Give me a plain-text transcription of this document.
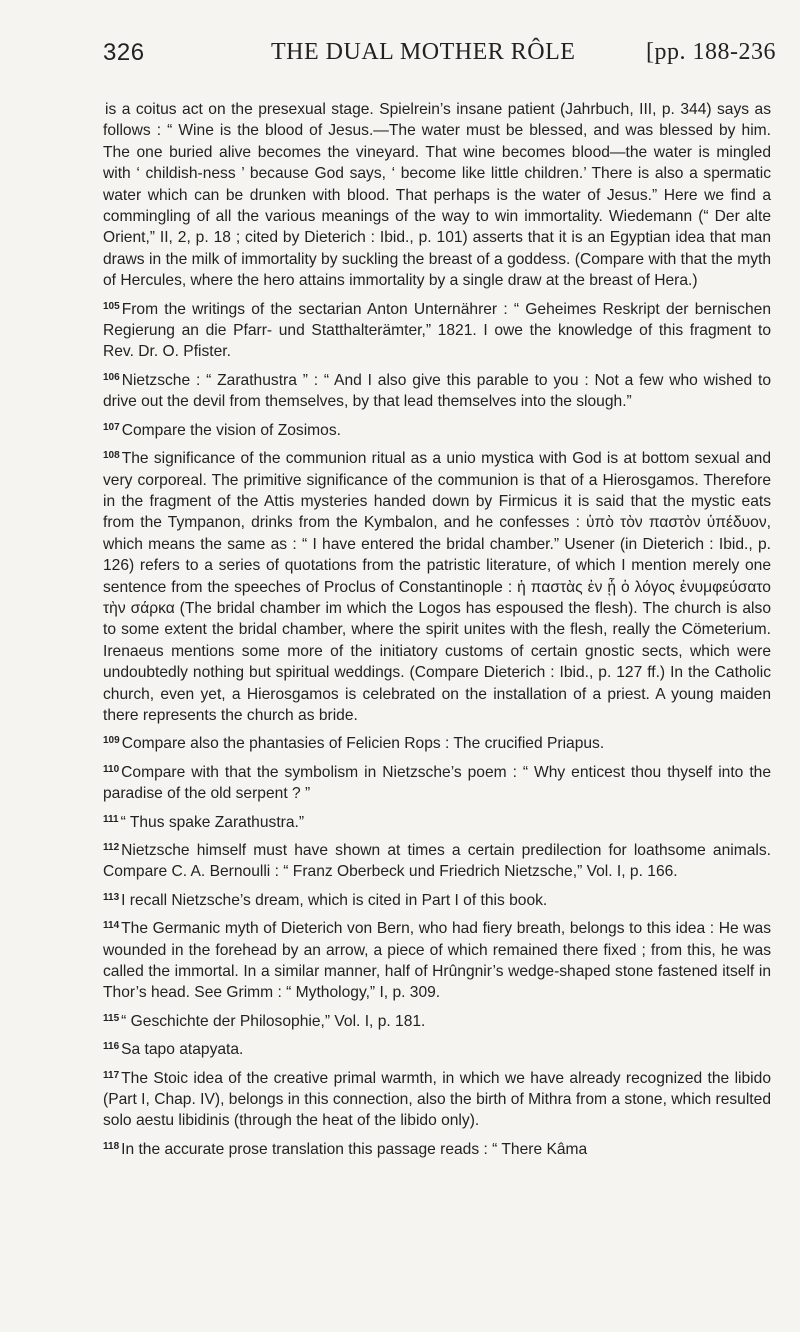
326	THE DUAL MOTHER RÔLE	[pp. 188-236

is a coitus act on the presexual stage. Spielrein’s insane patient (Jahrbuch, III, p. 344) says as follows : “ Wine is the blood of Jesus.—The water must be blessed, and was blessed by him. The one buried alive becomes the vineyard. That wine becomes blood—the water is mingled with ‘ childish-ness ’ because God says, ‘ become like little children.’ There is also a spermatic water which can be drunken with blood. That perhaps is the water of Jesus.” Here we find a commingling of all the various meanings of the way to win immortality. Wiedemann (“ Der alte Orient,” II, 2, p. 18 ; cited by Dieterich : Ibid., p. 101) asserts that it is an Egyptian idea that man draws in the milk of immortality by suckling the breast of a goddess. (Compare with that the myth of Hercules, where the hero attains immortality by a single draw at the breast of Hera.)

$^{105}$ From the writings of the sectarian Anton Unternährer : “ Geheimes Reskript der bernischen Regierung an die Pfarr- und Statthalterämter,” 1821. I owe the knowledge of this fragment to Rev. Dr. O. Pfister.

$^{106}$ Nietzsche : “ Zarathustra ” : “ And I also give this parable to you : Not a few who wished to drive out the devil from themselves, by that lead themselves into the slough.”

$^{107}$ Compare the vision of Zosimos.

$^{108}$ The significance of the communion ritual as a unio mystica with God is at bottom sexual and very corporeal. The primitive significance of the communion is that of a Hierosgamos. Therefore in the fragment of the Attis mysteries handed down by Firmicus it is said that the mystic eats from the Tympanon, drinks from the Kymbalon, and he confesses : ὑπὸ τὸν παστὸν ὑπέδυον, which means the same as : “ I have entered the bridal chamber.” Usener (in Dieterich : Ibid., p. 126) refers to a series of quotations from the patristic literature, of which I mention merely one sentence from the speeches of Proclus of Constantinople : ἡ παστὰς ἐν ᾗ ὁ λόγος ἐνυμφεύσατο τὴν σάρκα (The bridal chamber im which the Logos has espoused the flesh). The church is also to some extent the bridal chamber, where the spirit unites with the flesh, really the Cömeterium. Irenaeus mentions some more of the initiatory customs of certain gnostic sects, which were undoubtedly nothing but spiritual weddings. (Compare Dieterich : Ibid., p. 127 ff.) In the Catholic church, even yet, a Hierosgamos is celebrated on the installation of a priest. A young maiden there represents the church as bride.

$^{109}$ Compare also the phantasies of Felicien Rops : The crucified Priapus.

$^{110}$ Compare with that the symbolism in Nietzsche’s poem : “ Why enticest thou thyself into the paradise of the old serpent ? ”

$^{111}$ “ Thus spake Zarathustra.”

$^{112}$ Nietzsche himself must have shown at times a certain predilection for loathsome animals. Compare C. A. Bernoulli : “ Franz Oberbeck und Friedrich Nietzsche,” Vol. I, p. 166.

$^{113}$ I recall Nietzsche’s dream, which is cited in Part I of this book.

$^{114}$ The Germanic myth of Dieterich von Bern, who had fiery breath, belongs to this idea : He was wounded in the forehead by an arrow, a piece of which remained there fixed ; from this, he was called the immortal. In a similar manner, half of Hrûngnir’s wedge-shaped stone fastened itself in Thor’s head. See Grimm : “ Mythology,” I, p. 309.

$^{115}$ “ Geschichte der Philosophie,” Vol. I, p. 181.

$^{116}$ Sa tapo atapyata.

$^{117}$ The Stoic idea of the creative primal warmth, in which we have already recognized the libido (Part I, Chap. IV), belongs in this connection, also the birth of Mithra from a stone, which resulted solo aestu libidinis (through the heat of the libido only).

$^{118}$ In the accurate prose translation this passage reads : “ There Kâma
